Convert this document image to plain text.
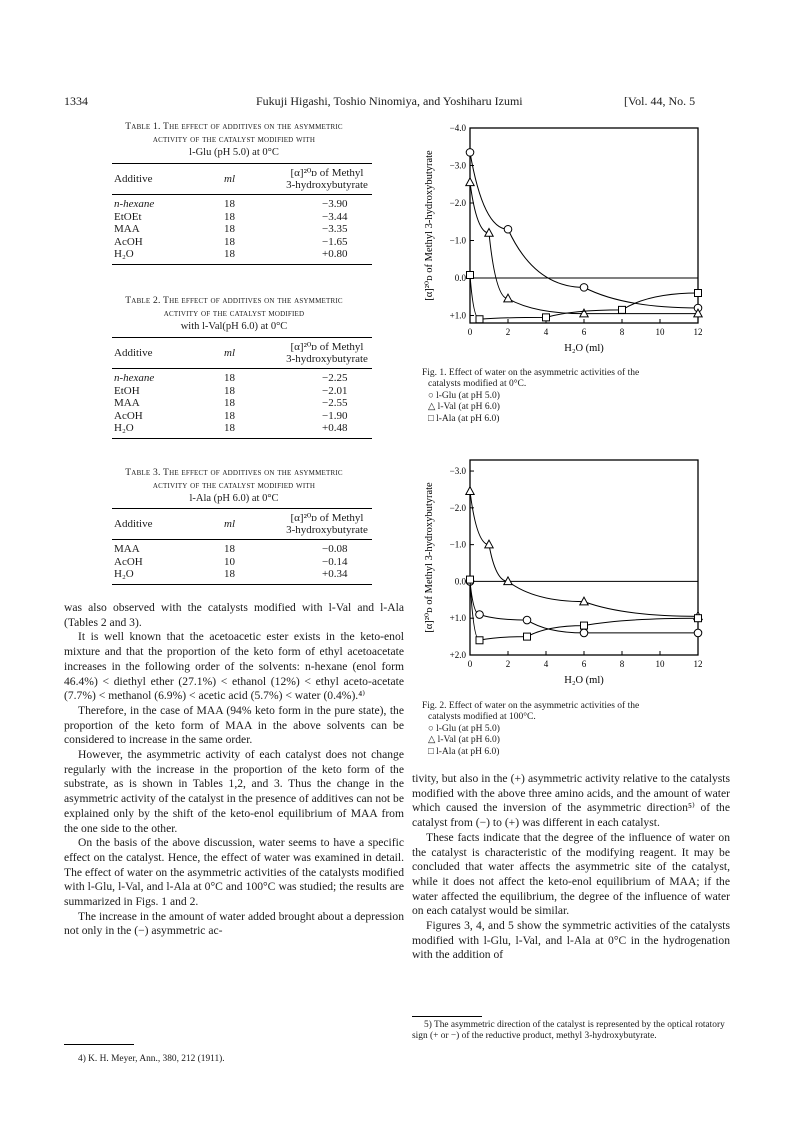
1334	Fukuji Higashi, Toshio Ninomiya, and Yoshiharu Izumi	[Vol. 44, No. 5
Table 1. The effect of additives on the asymmetric
activity of the catalyst modified with
l-Glu (pH 5.0) at 0°C
Additive	ml	[α]²⁰ᴅ of Methyl
3-hydroxybutyrate

n-hexane	18	−3.90
EtOEt	18	−3.44
MAA	18	−3.35
AcOH	18	−1.65
H₂O	18	+0.80
Table 2. The effect of additives on the asymmetric
activity of the catalyst modified
with l-Val(pH 6.0) at 0°C
Additive	ml	[α]²⁰ᴅ of Methyl
3-hydroxybutyrate

n-hexane	18	−2.25
EtOH	18	−2.01
MAA	18	−2.55
AcOH	18	−1.90
H₂O	18	+0.48
Table 3. The effect of additives on the asymmetric
activity of the catalyst modified with
l-Ala (pH 6.0) at 0°C
Additive	ml	[α]²⁰ᴅ of Methyl
3-hydroxybutyrate

MAA	18	−0.08
AcOH	10	−0.14
H₂O	18	+0.34

was also observed with the catalysts modified with l-Val and l-Ala (Tables 2 and 3).

It is well known that the acetoacetic ester exists in the keto-enol mixture and that the proportion of the keto form of ethyl acetoacetate increases in the following order of the solvents: n-hexane (enol form 46.4%) < diethyl ether (27.1%) < ethanol (12%) < ethyl aceto-acetate (7.7%) < methanol (6.9%) < acetic acid (5.7%) < water (0.4%).⁴⁾

Therefore, in the case of MAA (94% keto form in the pure state), the proportion of the keto form of MAA in the above solvents can be considered to increase in the same order.

However, the asymmetric activity of each catalyst does not change regularly with the increase in the proportion of the keto form of the substrate, as is shown in Tables 1,2, and 3. Thus the change in the asymmetric activity of the catalyst in the presence of additives can not be explained only by the shift of the keto-enol equilibrium of MAA from the one side to the other.

On the basis of the above discussion, water seems to have a specific effect on the catalyst. Hence, the effect of water was examined in detail. The effect of water on the asymmetric activities of the catalysts modified with l-Glu, l-Val, and l-Ala at 0°C and 100°C was studied; the results are summarized in Figs. 1 and 2.

The increase in the amount of water added brought about a depression not only in the (−) asymmetric ac-

4) K. H. Meyer, Ann., 380, 212 (1911).
−4.0
−3.0
−2.0
−1.0
0.0
+1.0
0	2	4	6	8	10	12
H₂O (ml)
[α]²⁰ᴅ of Methyl 3-hydroxybutyrate
Fig. 1. Effect of water on the asymmetric activities of the
catalysts modified at 0°C.
○ l-Glu (at pH 5.0)
△ l-Val (at pH 6.0)
□ l-Ala (at pH 6.0)
−3.0
−2.0
−1.0
0.0
+1.0
+2.0
0	2	4	6	8	10	12
H₂O (ml)
[α]²⁰ᴅ of Methyl 3-hydroxybutyrate
Fig. 2. Effect of water on the asymmetric activities of the
catalysts modified at 100°C.
○ l-Glu (at pH 5.0)
△ l-Val (at pH 6.0)
□ l-Ala (at pH 6.0)

tivity, but also in the (+) asymmetric activity relative to the catalysts modified with the above three amino acids, and the amount of water which caused the inversion of the asymmetric direction⁵⁾ of the catalyst from (−) to (+) was different in each catalyst.

These facts indicate that the degree of the influence of water on the catalyst is characteristic of the modifying reagent. It may be concluded that water affects the asymmetric site of the catalyst, while it does not affect the keto-enol equilibrium of MAA; if the water affected the equilibrium, the degree of the influence of water on each catalyst would be similar.

Figures 3, 4, and 5 show the symmetric activities of the catalysts modified with l-Glu, l-Val, and l-Ala at 0°C in the hydrogenation with the addition of

5) The asymmetric direction of the catalyst is represented by the optical rotatory sign (+ or −) of the reductive product, methyl 3-hydroxybutyrate.
